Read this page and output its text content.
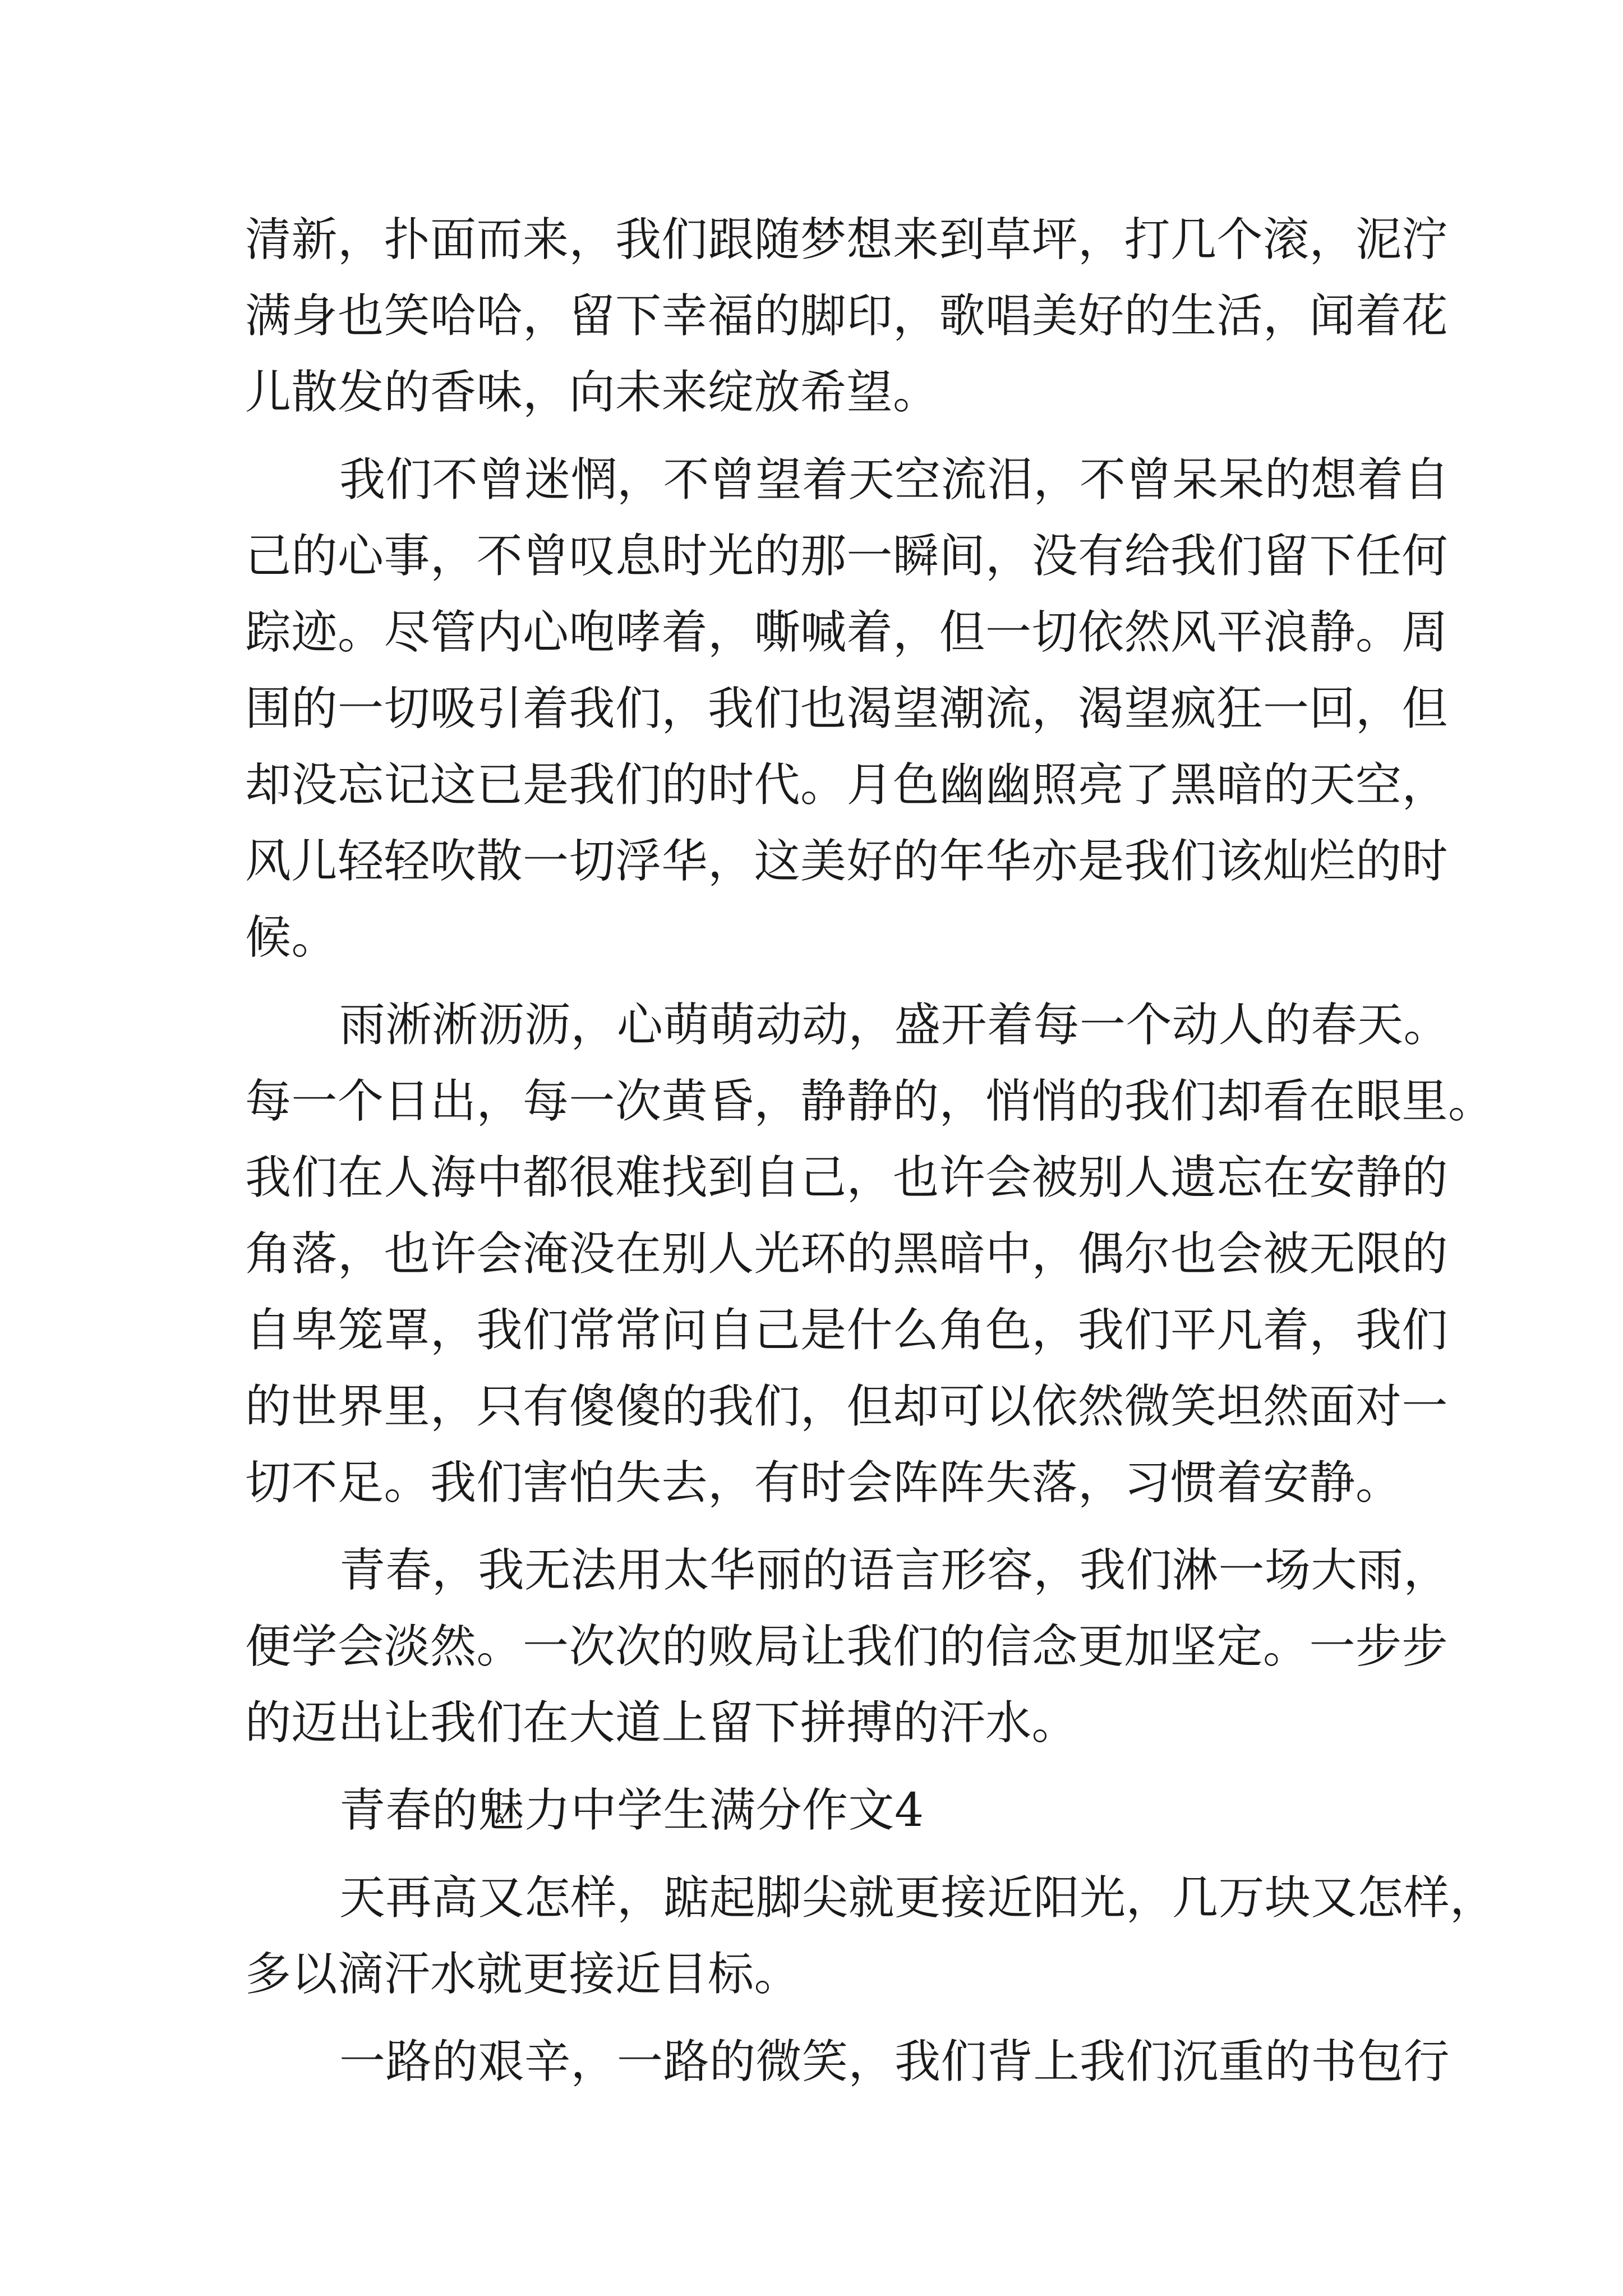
清新，扑面而来，我们跟随梦想来到草坪，打几个滚，泥泞
满身也笑哈哈，留下幸福的脚印，歌唱美好的生活，闻着花
儿散发的香味，向未来绽放希望。
我们不曾迷惘，不曾望着天空流泪，不曾呆呆的想着自
己的心事，不曾叹息时光的那一瞬间，没有给我们留下任何
踪迹。尽管内心咆哮着，嘶喊着，但一切依然风平浪静。周
围的一切吸引着我们，我们也渴望潮流，渴望疯狂一回，但
却没忘记这已是我们的时代。月色幽幽照亮了黑暗的天空，
风儿轻轻吹散一切浮华，这美好的年华亦是我们该灿烂的时
候。
雨淅淅沥沥，心萌萌动动，盛开着每一个动人的春天。
每一个日出，每一次黄昏，静静的，悄悄的我们却看在眼里。
我们在人海中都很难找到自己，也许会被别人遗忘在安静的
角落，也许会淹没在别人光环的黑暗中，偶尔也会被无限的
自卑笼罩，我们常常问自己是什么角色，我们平凡着，我们
的世界里，只有傻傻的我们，但却可以依然微笑坦然面对一
切不足。我们害怕失去，有时会阵阵失落，习惯着安静。
青春，我无法用太华丽的语言形容，我们淋一场大雨，
便学会淡然。一次次的败局让我们的信念更加坚定。一步步
的迈出让我们在大道上留下拼搏的汗水。
青春的魅力中学生满分作文4
天再高又怎样，踮起脚尖就更接近阳光，几万块又怎样，
多以滴汗水就更接近目标。
一路的艰辛，一路的微笑，我们背上我们沉重的书包行
